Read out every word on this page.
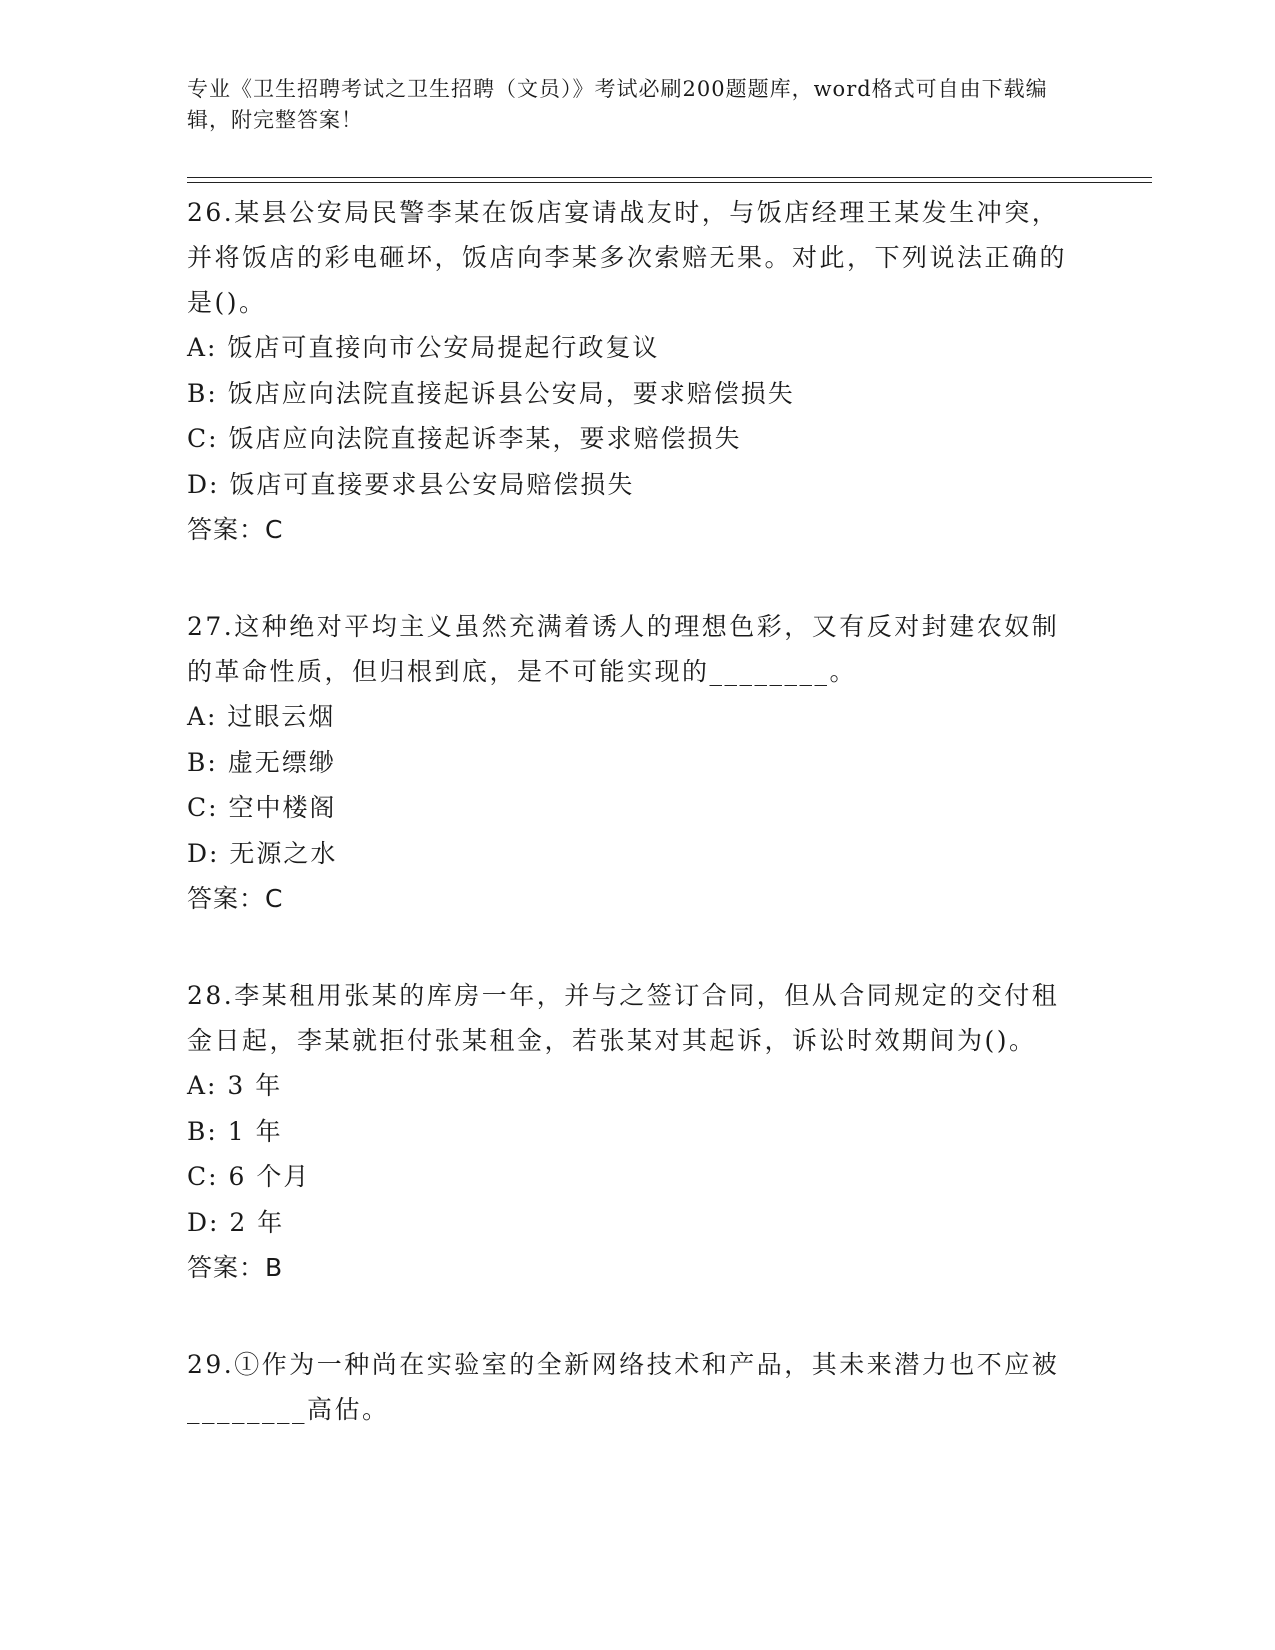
专业《卫生招聘考试之卫生招聘（文员）》考试必刷200题题库，word格式可自由下载编辑，附完整答案！

26.某县公安局民警李某在饭店宴请战友时，与饭店经理王某发生冲突，并将饭店的彩电砸坏，饭店向李某多次索赔无果。对此，下列说法正确的是()。

A: 饭店可直接向市公安局提起行政复议

B: 饭店应向法院直接起诉县公安局，要求赔偿损失

C: 饭店应向法院直接起诉李某，要求赔偿损失

D: 饭店可直接要求县公安局赔偿损失

答案：C

27.这种绝对平均主义虽然充满着诱人的理想色彩，又有反对封建农奴制的革命性质，但归根到底，是不可能实现的________。

A: 过眼云烟

B: 虚无缥缈

C: 空中楼阁

D: 无源之水

答案：C

28.李某租用张某的库房一年，并与之签订合同，但从合同规定的交付租金日起，李某就拒付张某租金，若张某对其起诉，诉讼时效期间为()。

A: 3 年

B: 1 年

C: 6 个月

D: 2 年

答案：B

29.①作为一种尚在实验室的全新网络技术和产品，其未来潜力也不应被________高估。
